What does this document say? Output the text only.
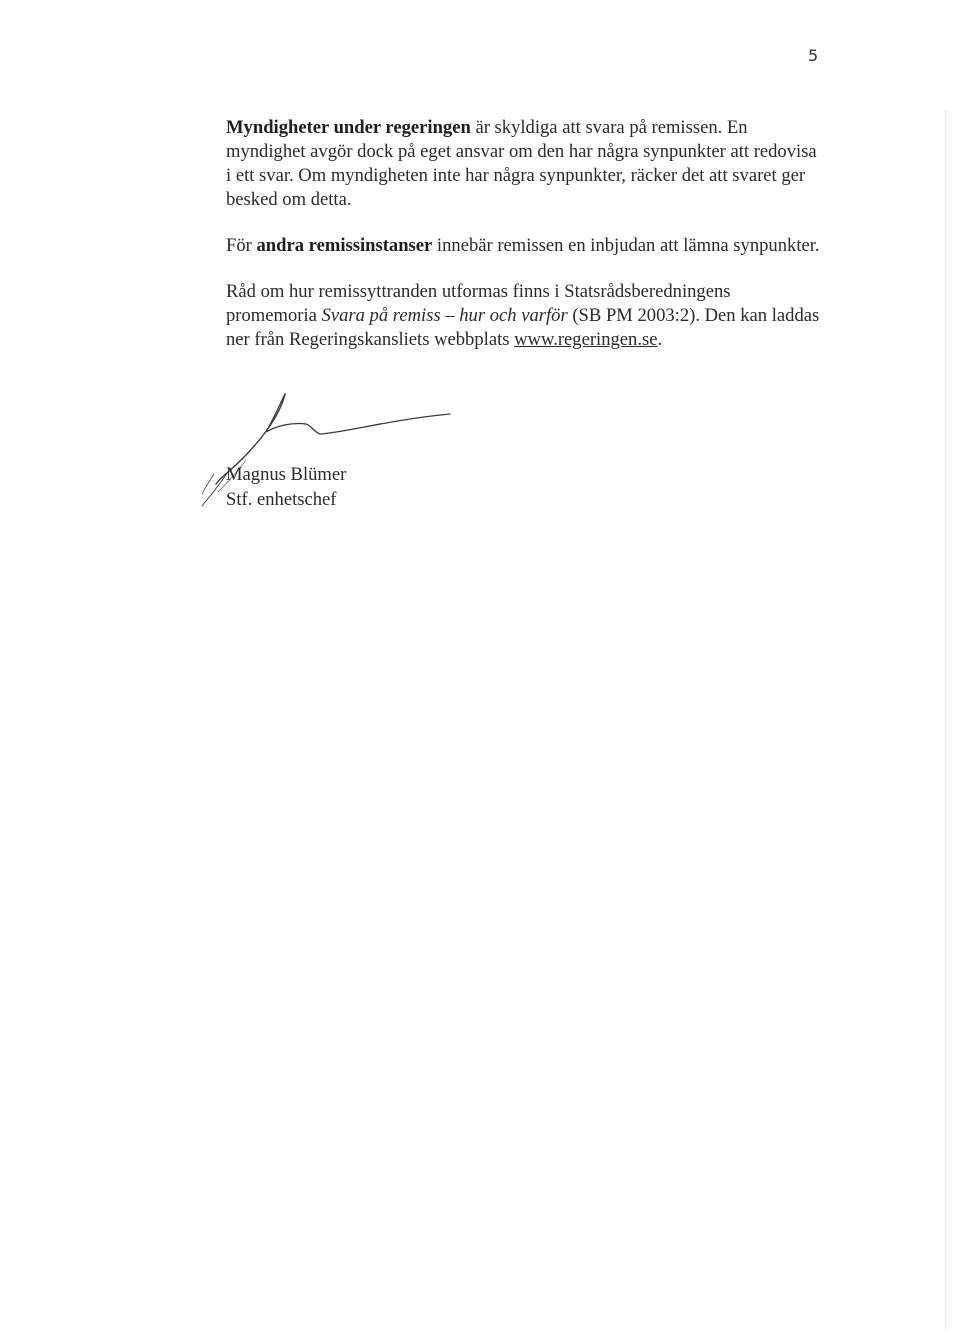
5

Myndigheter under regeringen är skyldiga att svara på remissen. En myndighet avgör dock på eget ansvar om den har några synpunkter att redovisa i ett svar. Om myndigheten inte har några synpunkter, räcker det att svaret ger besked om detta.

För andra remissinstanser innebär remissen en inbjudan att lämna synpunkter.

Råd om hur remissyttranden utformas finns i Statsrådsberedningens promemoria Svara på remiss – hur och varför (SB PM 2003:2). Den kan laddas ner från Regeringskansliets webbplats www.regeringen.se.

Magnus Blümer
Stf. enhetschef
